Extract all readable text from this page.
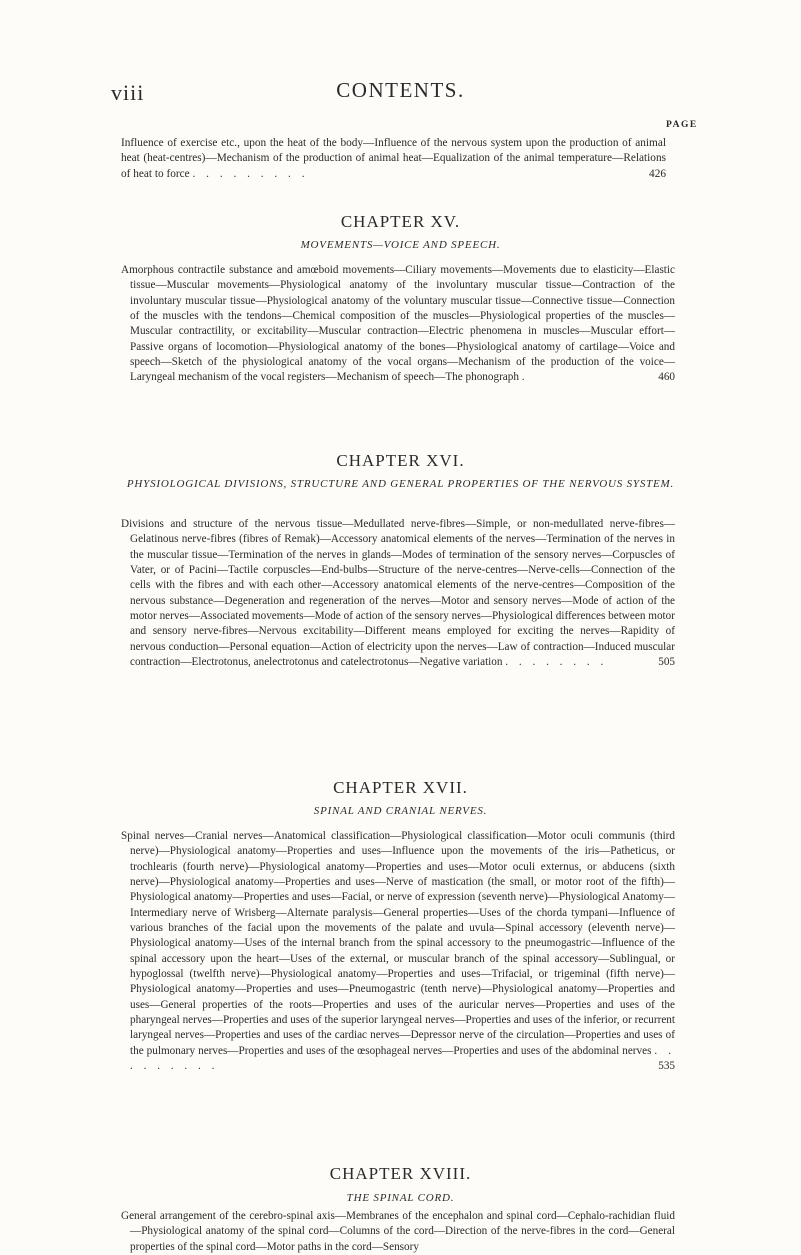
viii	CONTENTS.
PAGE
Influence of exercise etc., upon the heat of the body—Influence of the nervous system upon the production of animal heat (heat-centres)—Mechanism of the production of animal heat—Equalization of the animal temperature—Relations of heat to force . . . . . . . . .	426
CHAPTER XV.
MOVEMENTS—VOICE AND SPEECH.
Amorphous contractile substance and amœboid movements—Ciliary movements—Movements due to elasticity—Elastic tissue—Muscular movements—Physiological anatomy of the involuntary muscular tissue—Contraction of the involuntary muscular tissue—Physiological anatomy of the voluntary muscular tissue—Connective tissue—Connection of the muscles with the tendons—Chemical composition of the muscles—Physiological properties of the muscles—Muscular contractility, or excitability—Muscular contraction—Electric phenomena in muscles—Muscular effort—Passive organs of locomotion—Physiological anatomy of the bones—Physiological anatomy of cartilage—Voice and speech—Sketch of the physiological anatomy of the vocal organs—Mechanism of the production of the voice—Laryngeal mechanism of the vocal registers—Mechanism of speech—The phonograph .	460
CHAPTER XVI.
PHYSIOLOGICAL DIVISIONS, STRUCTURE AND GENERAL PROPERTIES OF THE NERVOUS SYSTEM.
Divisions and structure of the nervous tissue—Medullated nerve-fibres—Simple, or non-medullated nerve-fibres—Gelatinous nerve-fibres (fibres of Remak)—Accessory anatomical elements of the nerves—Termination of the nerves in the muscular tissue—Termination of the nerves in glands—Modes of termination of the sensory nerves—Corpuscles of Vater, or of Pacini—Tactile corpuscles—End-bulbs—Structure of the nerve-centres—Nerve-cells—Connection of the cells with the fibres and with each other—Accessory anatomical elements of the nerve-centres—Composition of the nervous substance—Degeneration and regeneration of the nerves—Motor and sensory nerves—Mode of action of the motor nerves—Associated movements—Mode of action of the sensory nerves—Physiological differences between motor and sensory nerve-fibres—Nervous excitability—Different means employed for exciting the nerves—Rapidity of nervous conduction—Personal equation—Action of electricity upon the nerves—Law of contraction—Induced muscular contraction—Electrotonus, anelectrotonus and catelectrotonus—Negative variation . . . . . . . .	505
CHAPTER XVII.
SPINAL AND CRANIAL NERVES.
Spinal nerves—Cranial nerves—Anatomical classification—Physiological classification—Motor oculi communis (third nerve)—Physiological anatomy—Properties and uses—Influence upon the movements of the iris—Patheticus, or trochlearis (fourth nerve)—Physiological anatomy—Properties and uses—Motor oculi externus, or abducens (sixth nerve)—Physiological anatomy—Properties and uses—Nerve of mastication (the small, or motor root of the fifth)—Physiological anatomy—Properties and uses—Facial, or nerve of expression (seventh nerve)—Physiological Anatomy—Intermediary nerve of Wrisberg—Alternate paralysis—General properties—Uses of the chorda tympani—Influence of various branches of the facial upon the movements of the palate and uvula—Spinal accessory (eleventh nerve)—Physiological anatomy—Uses of the internal branch from the spinal accessory to the pneumogastric—Influence of the spinal accessory upon the heart—Uses of the external, or muscular branch of the spinal accessory—Sublingual, or hypoglossal (twelfth nerve)—Physiological anatomy—Properties and uses—Trifacial, or trigeminal (fifth nerve)—Physiological anatomy—Properties and uses—Pneumogastric (tenth nerve)—Physiological anatomy—Properties and uses—General properties of the roots—Properties and uses of the auricular nerves—Properties and uses of the pharyngeal nerves—Properties and uses of the superior laryngeal nerves—Properties and uses of the inferior, or recurrent laryngeal nerves—Properties and uses of the cardiac nerves—Depressor nerve of the circulation—Properties and uses of the pulmonary nerves—Properties and uses of the œsophageal nerves—Properties and uses of the abdominal nerves . . . . . . . . .	535
CHAPTER XVIII.
THE SPINAL CORD.
General arrangement of the cerebro-spinal axis—Membranes of the encephalon and spinal cord—Cephalo-rachidian fluid—Physiological anatomy of the spinal cord—Columns of the cord—Direction of the nerve-fibres in the cord—General properties of the spinal cord—Motor paths in the cord—Sensory
